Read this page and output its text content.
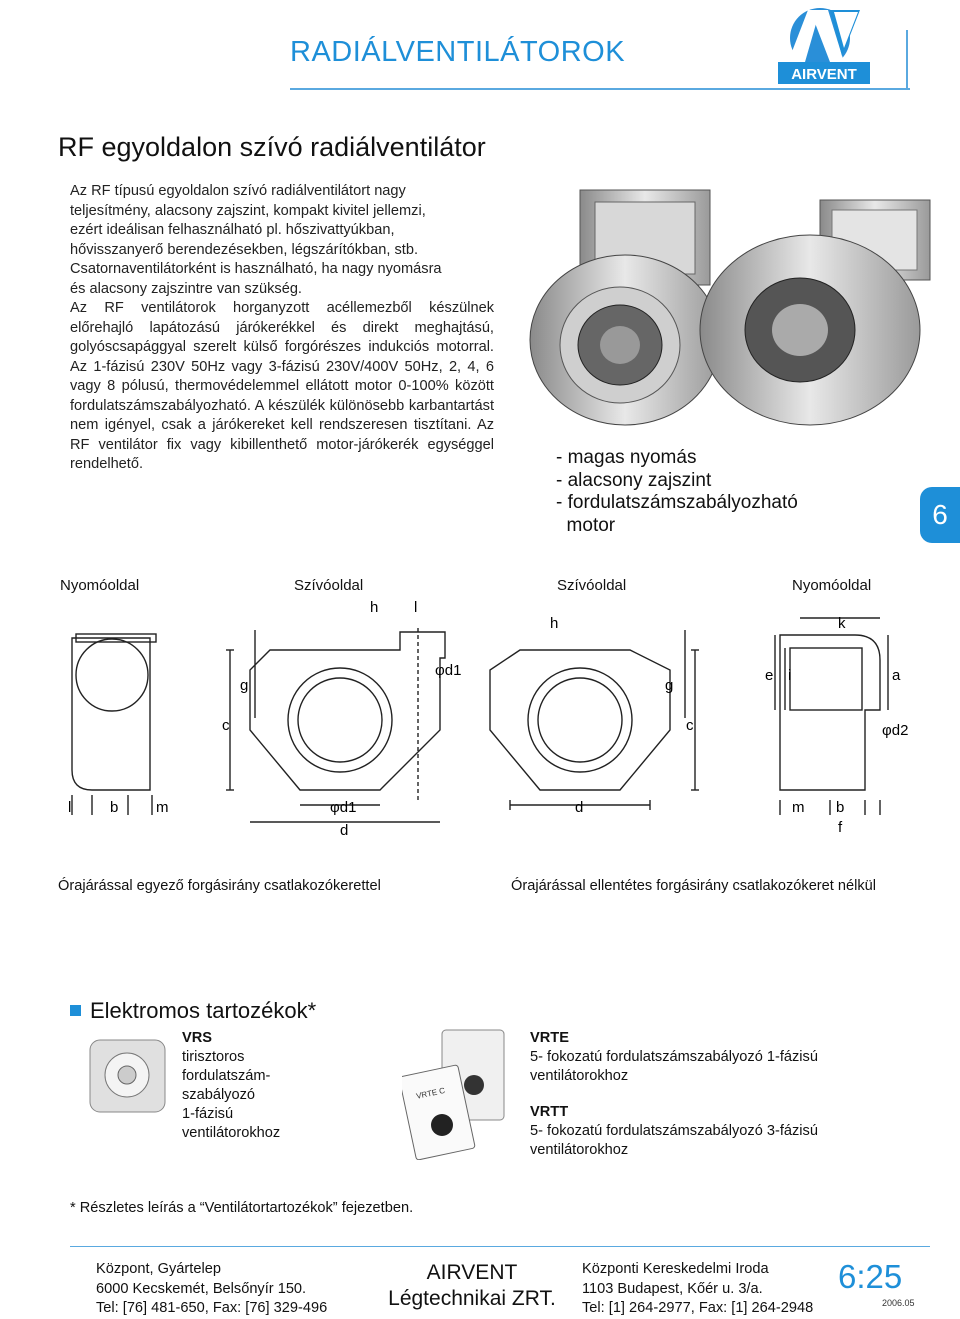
RADIÁLVENTILÁTOROK
AIRVENT
RF egyoldalon szívó radiálventilátor

Az RF típusú egyoldalon szívó radiálventilátort nagy

teljesítmény, alacsony zajszint, kompakt kivitel jellemzi,

ezért ideálisan felhasználható pl. hőszivattyúkban,

hővisszanyerő berendezésekben, légszárítókban, stb.

Csatornaventilátorként is használható, ha nagy nyomásra

és alacsony zajszintre van szükség.

Az RF ventilátorok horganyzott acéllemezből készülnek előrehajló lapátozású járókerékkel és direkt meghajtású, golyóscsapággyal szerelt külső forgórészes indukciós motorral. Az 1-fázisú 230V 50Hz vagy 3-fázisú 230V/400V 50Hz, 2, 4, 6 vagy 8 pólusú, thermovédelemmel ellátott motor 0-100% között fordulatszámszabályozható. A készülék különösebb karbantartást nem igényel, csak a járókereket kell rendszeresen tisztítani. Az RF ventilátor fix vagy kibillenthető motor-járókerék egységgel rendelhető.	- magas nyomás
- alacsony zajszint
- fordulatszámszabályozható
motor	6
Nyomóoldal	Szívóoldal	Szívóoldal	Nyomóoldal
l	b	m
h l
g
c
φd1
φd1
d
h
g
c
d
k
e i	a
φd2
m b
f
Órajárással egyező forgásirány csatlakozókerettel	Órajárással ellentétes forgásirány csatlakozókeret nélkül
Elektromos tartozékok*
VRS
tirisztoros
fordulatszám-
szabályozó
1-fázisú
ventilátorokhoz
VRTE C
VRTE
5- fokozatú fordulatszámszabályozó 1-fázisú
ventilátorokhoz
VRTT
5- fokozatú fordulatszámszabályozó 3-fázisú
ventilátorokhoz
* Részletes leírás a “Ventilátortartozékok” fejezetben.
Központ, Gyártelep
6000 Kecskemét, Belsőnyír 150.
Tel: [76] 481-650, Fax: [76] 329-496
AIRVENT
Légtechnikai ZRT.
Központi Kereskedelmi Iroda
1103 Budapest, Kőér u. 3/a.
Tel: [1] 264-2977, Fax: [1] 264-2948
6:25
2006.05
